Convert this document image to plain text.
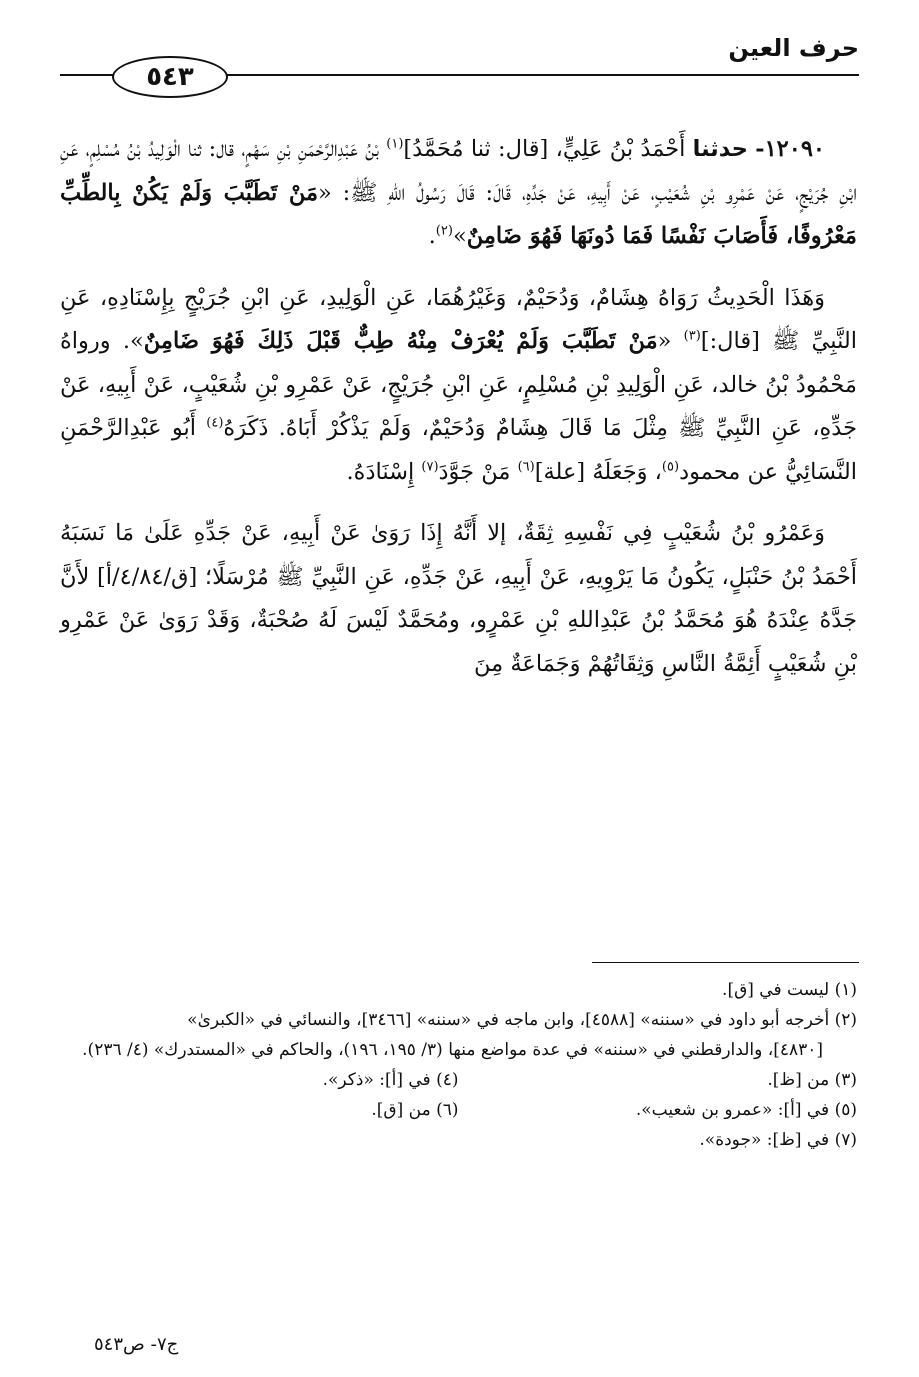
حرف العين
٥٤٣

١٢٠٩٠- حدثنا أَحْمَدُ بْنُ عَلِيٍّ، [قال: ثنا مُحَمَّدُ]$^{(١)}$ بْنُ عَبْدِالرَّحْمَنِ بْنِ سَهْمٍ، قال: ثنا الْوَلِيدُ بْنُ مُسْلِمٍ، عَنِ ابْنِ جُرَيْجٍ، عَنْ عَمْرِو بْنِ شُعَيْبٍ، عَنْ أَبِيهِ، عَنْ جَدِّهِ، قَالَ: قَالَ رَسُولُ اللهِ ﷺ: «مَنْ تَطَبَّبَ وَلَمْ يَكُنْ بِالطِّبِّ مَعْرُوفًا، فَأَصَابَ نَفْسًا فَمَا دُونَهَا فَهُوَ ضَامِنٌ»$^{(٢)}$.

وَهَذَا الْحَدِيثُ رَوَاهُ هِشَامٌ، وَدُحَيْمٌ، وَغَيْرُهُمَا، عَنِ الْوَلِيدِ، عَنِ ابْنِ جُرَيْجٍ بِإِسْنَادِهِ، عَنِ النَّبِيِّ ﷺ [قال:]$^{(٣)}$ «مَنْ تَطَبَّبَ وَلَمْ يُعْرَفْ مِنْهُ طِبٌّ قَبْلَ ذَلِكَ فَهُوَ ضَامِنٌ». ورواهُ مَحْمُودُ بْنُ خالد، عَنِ الْوَلِيدِ بْنِ مُسْلِمٍ، عَنِ ابْنِ جُرَيْجٍ، عَنْ عَمْرِو بْنِ شُعَيْبٍ، عَنْ أَبِيهِ، عَنْ جَدِّهِ، عَنِ النَّبِيِّ ﷺ مِثْلَ مَا قَالَ هِشَامٌ وَدُحَيْمٌ، وَلَمْ يَذْكُرْ أَبَاهُ. ذَكَرَهُ$^{(٤)}$ أَبُو عَبْدِالرَّحْمَنِ النَّسَائِيُّ عن محمود$^{(٥)}$، وَجَعَلَهُ [علة]$^{(٦)}$ مَنْ جَوَّدَ$^{(٧)}$ إِسْنَادَهُ.

وَعَمْرُو بْنُ شُعَيْبٍ فِي نَفْسِهِ ثِقَةٌ، إلا أَنَّهُ إِذَا رَوَىٰ عَنْ أَبِيهِ، عَنْ جَدِّهِ عَلَىٰ مَا نَسَبَهُ أَحْمَدُ بْنُ حَنْبَلٍ، يَكُونُ مَا يَرْوِيهِ، عَنْ أَبِيهِ، عَنْ جَدِّهِ، عَنِ النَّبِيِّ ﷺ مُرْسَلًا؛ [ق/٤/٨٤/أ] لأَنَّ جَدَّهُ عِنْدَهُ هُوَ مُحَمَّدُ بْنُ عَبْدِاللهِ بْنِ عَمْرٍو، ومُحَمَّدٌ لَيْسَ لَهُ صُحْبَةٌ، وَقَدْ رَوَىٰ عَنْ عَمْرِو بْنِ شُعَيْبٍ أَئِمَّةُ النَّاسِ وَثِقَاتُهُمْ وَجَمَاعَةٌ مِنَ

(١) ليست في [ق].

(٢) أخرجه أبو داود في «سننه» [٤٥٨٨]، وابن ماجه في «سننه» [٣٤٦٦]، والنسائي في «الكبرىٰ»

[٤٨٣٠]، والدارقطني في «سننه» في عدة مواضع منها (٣/ ١٩٥، ١٩٦)، والحاكم في «المستدرك» (٤/ ٢٣٦).

(٣) من [ظ].

(٤) في [أ]: «ذكر».

(٥) في [أ]: «عمرو بن شعيب».

(٦) من [ق].

(٧) في [ظ]: «جودة».

ج٧- ص٥٤٣
